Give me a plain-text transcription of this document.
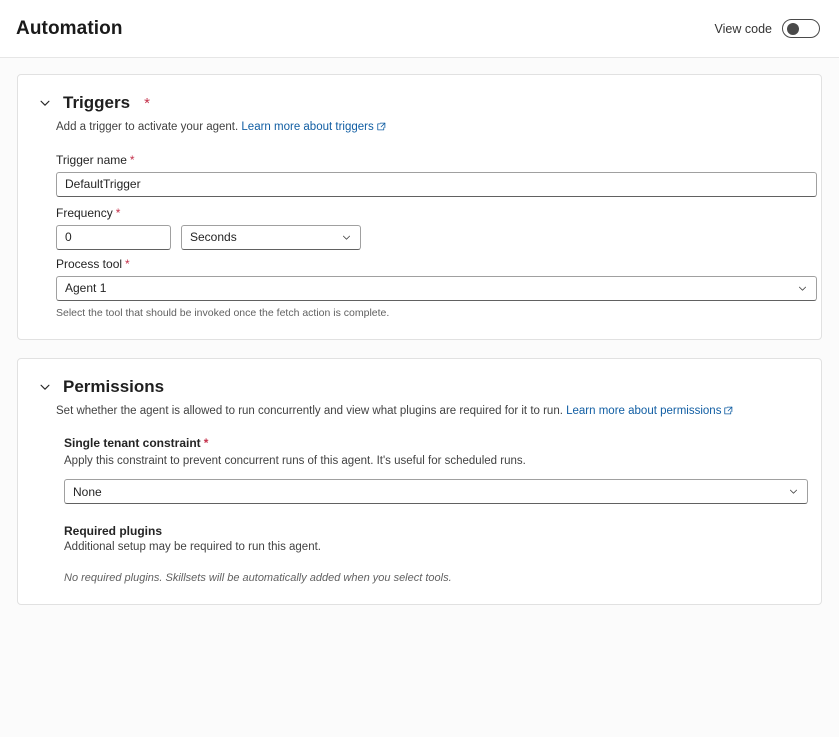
Automation	View code
Triggers *
Add a trigger to activate your agent. Learn more about triggers
Trigger name *
DefaultTrigger
Frequency *
0
Seconds
Process tool *
Agent 1
Select the tool that should be invoked once the fetch action is complete.
Permissions
Set whether the agent is allowed to run concurrently and view what plugins are required for it to run. Learn more about permissions
Single tenant constraint *
Apply this constraint to prevent concurrent runs of this agent. It's useful for scheduled runs.
None
Required plugins
Additional setup may be required to run this agent.
No required plugins. Skillsets will be automatically added when you select tools.
